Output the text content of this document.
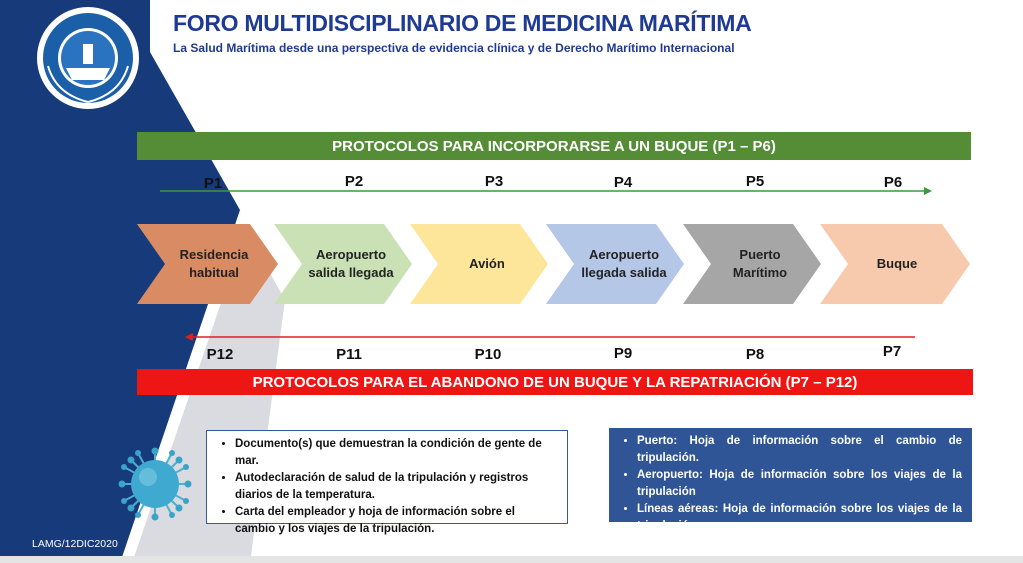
FORO MULTIDISCIPLINARIO DE MEDICINA MARÍTIMA
La Salud Marítima desde una perspectiva de evidencia clínica y de Derecho Marítimo Internacional
PROTOCOLOS PARA INCORPORARSE A UN BUQUE (P1 – P6)
P1	P2	P3	P4	P5	P6
Residencia
habitual
Aeropuerto
salida llegada
Avión
Aeropuerto
llegada salida
Puerto
Marítimo
Buque
P12	P11	P10	P9	P8	P7
PROTOCOLOS PARA EL ABANDONO DE UN BUQUE Y LA REPATRIACIÓN (P7 – P12)
• Documento(s) que demuestran la condición de gente de mar.
• Autodeclaración de salud de la tripulación y registros diarios de la temperatura.
• Carta del empleador y hoja de información sobre el cambio y los viajes de la tripulación.
• Puerto: Hoja de información sobre el cambio de tripulación.
• Aeropuerto: Hoja de información sobre los viajes de la tripulación
• Líneas aéreas: Hoja de información sobre los viajes de la tripulación.
LAMG/12DIC2020
